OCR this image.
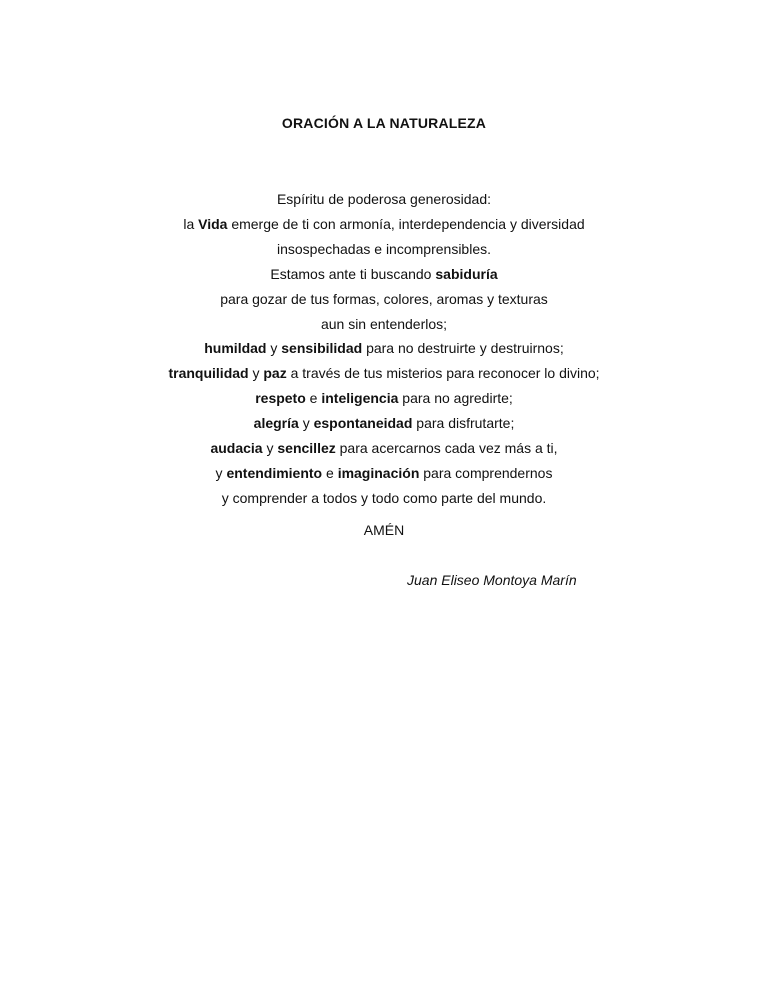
ORACIÓN A LA NATURALEZA
Espíritu de poderosa generosidad:
la Vida emerge de ti con armonía, interdependencia y diversidad
insospechadas e incomprensibles.
Estamos ante ti buscando sabiduría
para gozar de tus formas, colores, aromas y texturas
aun sin entenderlos;
humildad y sensibilidad para no destruirte y destruirnos;
tranquilidad y paz a través de tus misterios para reconocer lo divino;
respeto e inteligencia para no agredirte;
alegría y espontaneidad para disfrutarte;
audacia y sencillez para acercarnos cada vez más a ti,
y entendimiento e imaginación para comprendernos
y comprender a todos y todo como parte del mundo.
AMÉN
Juan Eliseo Montoya Marín
